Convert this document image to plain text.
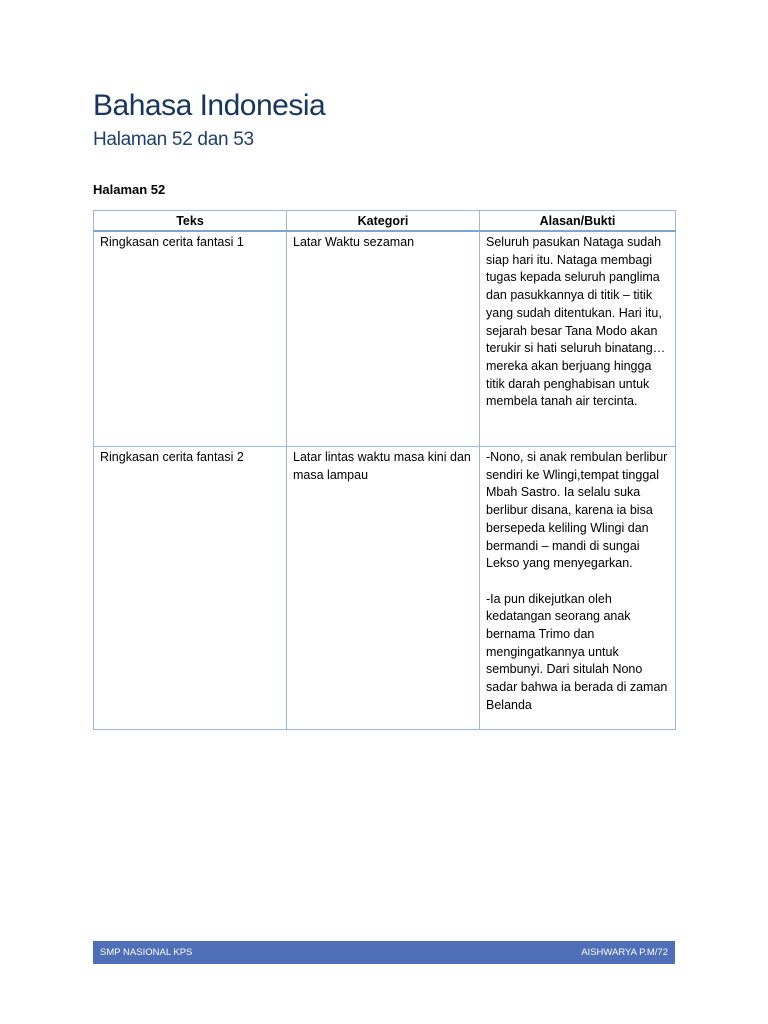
Bahasa Indonesia
Halaman 52 dan 53
Halaman 52
Teks	Kategori	Alasan/Bukti
Ringkasan cerita fantasi 1	Latar Waktu sezaman	Seluruh pasukan Nataga sudah siap hari itu. Nataga membagi tugas kepada seluruh panglima dan pasukkannya di titik – titik yang sudah ditentukan. Hari itu, sejarah besar Tana Modo akan terukir si hati seluruh binatang…mereka akan berjuang hingga titik darah penghabisan untuk membela tanah air tercinta.

Ringkasan cerita fantasi 2	Latar lintas waktu masa kini dan masa lampau	-Nono, si anak rembulan berlibur sendiri ke Wlingi,tempat tinggal Mbah Sastro. Ia selalu suka berlibur disana, karena ia bisa bersepeda keliling Wlingi dan bermandi – mandi di sungai Lekso yang menyegarkan.
-Ia pun dikejutkan oleh kedatangan seorang anak bernama Trimo dan mengingatkannya untuk sembunyi. Dari situlah Nono sadar bahwa ia berada di zaman Belanda
SMP NASIONAL KPS	AISHWARYA P.M/72
